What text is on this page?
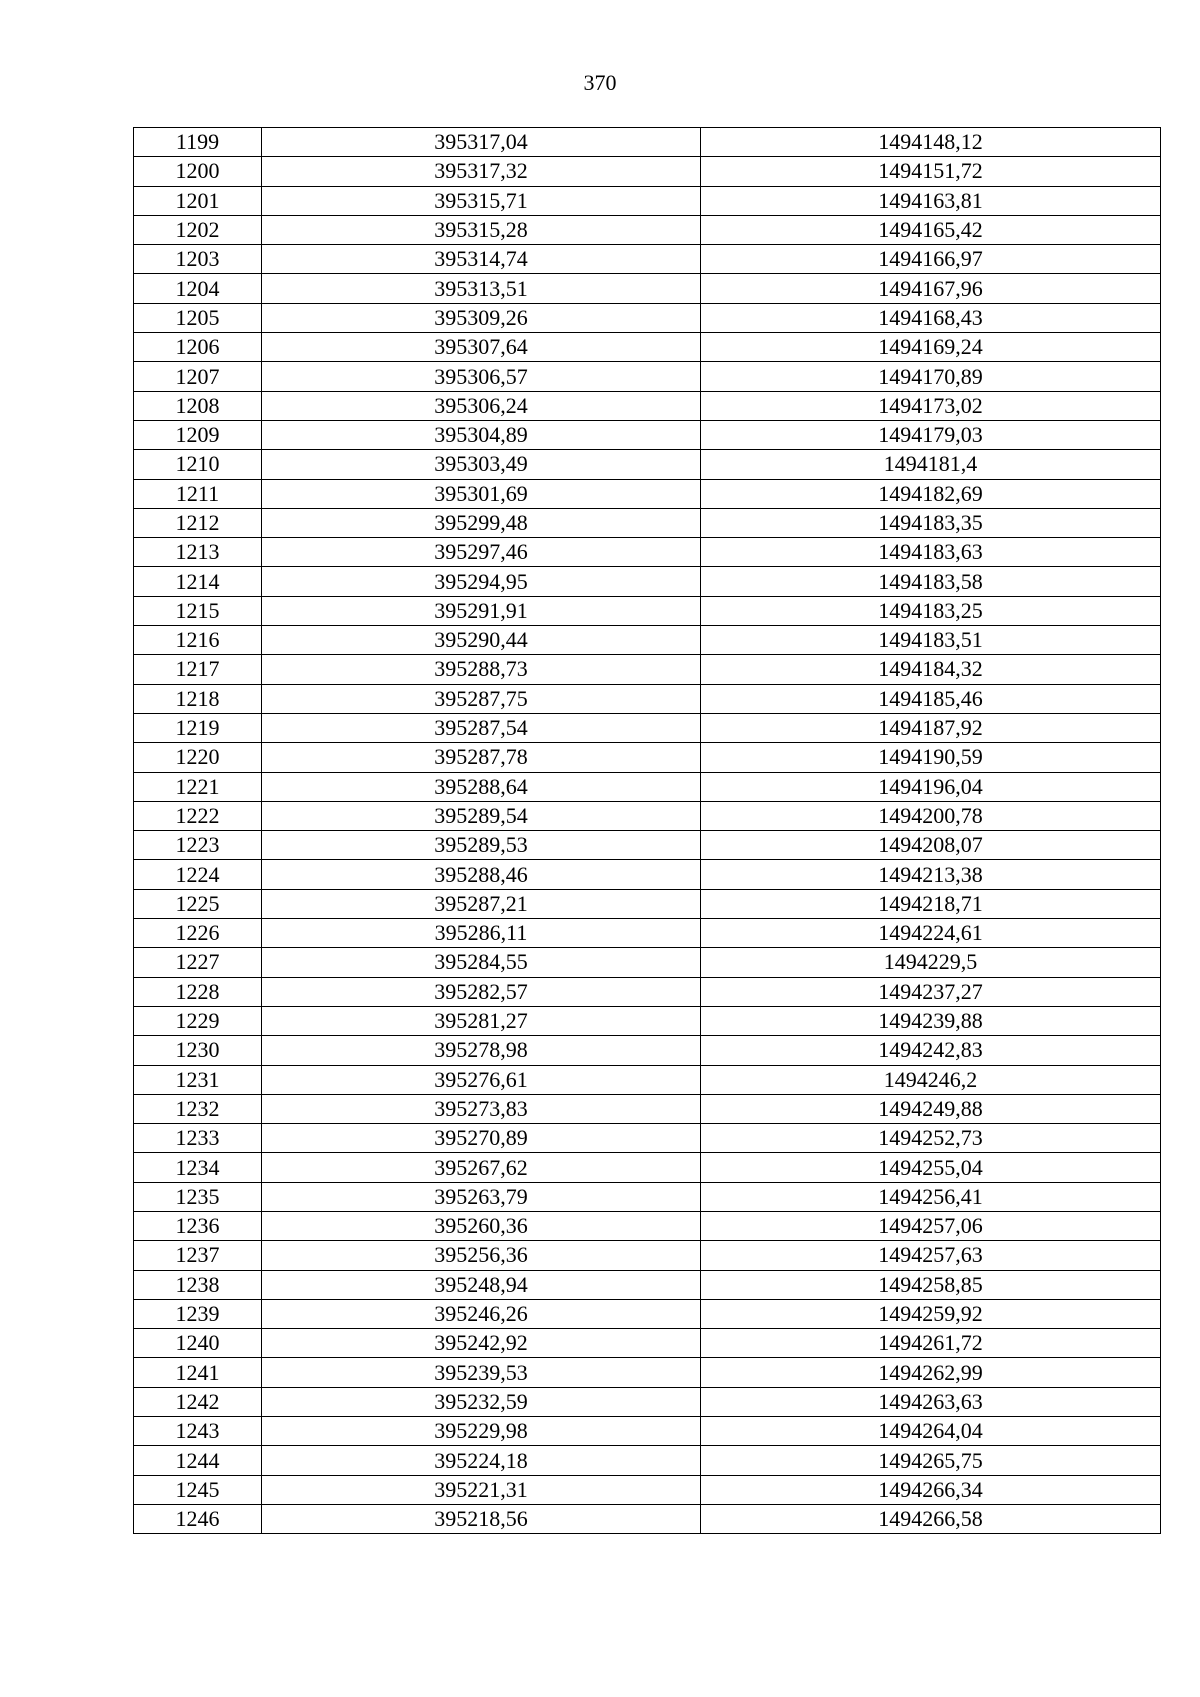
370
1199	395317,04	1494148,12
1200	395317,32	1494151,72
1201	395315,71	1494163,81
1202	395315,28	1494165,42
1203	395314,74	1494166,97
1204	395313,51	1494167,96
1205	395309,26	1494168,43
1206	395307,64	1494169,24
1207	395306,57	1494170,89
1208	395306,24	1494173,02
1209	395304,89	1494179,03
1210	395303,49	1494181,4
1211	395301,69	1494182,69
1212	395299,48	1494183,35
1213	395297,46	1494183,63
1214	395294,95	1494183,58
1215	395291,91	1494183,25
1216	395290,44	1494183,51
1217	395288,73	1494184,32
1218	395287,75	1494185,46
1219	395287,54	1494187,92
1220	395287,78	1494190,59
1221	395288,64	1494196,04
1222	395289,54	1494200,78
1223	395289,53	1494208,07
1224	395288,46	1494213,38
1225	395287,21	1494218,71
1226	395286,11	1494224,61
1227	395284,55	1494229,5
1228	395282,57	1494237,27
1229	395281,27	1494239,88
1230	395278,98	1494242,83
1231	395276,61	1494246,2
1232	395273,83	1494249,88
1233	395270,89	1494252,73
1234	395267,62	1494255,04
1235	395263,79	1494256,41
1236	395260,36	1494257,06
1237	395256,36	1494257,63
1238	395248,94	1494258,85
1239	395246,26	1494259,92
1240	395242,92	1494261,72
1241	395239,53	1494262,99
1242	395232,59	1494263,63
1243	395229,98	1494264,04
1244	395224,18	1494265,75
1245	395221,31	1494266,34
1246	395218,56	1494266,58
